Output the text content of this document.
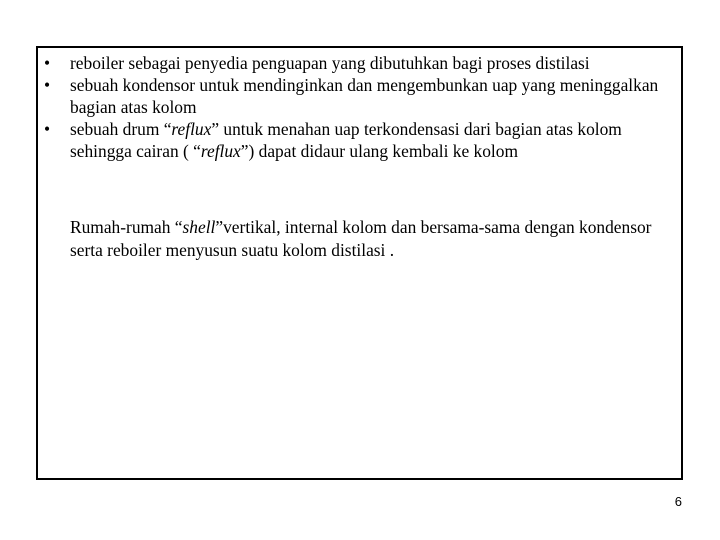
• reboiler sebagai penyedia penguapan yang dibutuhkan bagi proses distilasi
• sebuah kondensor untuk mendinginkan dan mengembunkan uap yang meninggalkan bagian atas kolom
• sebuah drum “reflux” untuk menahan uap terkondensasi dari bagian atas kolom sehingga cairan ( “reflux”) dapat didaur ulang kembali ke kolom

Rumah-rumah “shell”vertikal, internal kolom dan bersama-sama dengan kondensor serta reboiler menyusun suatu kolom distilasi .

6
